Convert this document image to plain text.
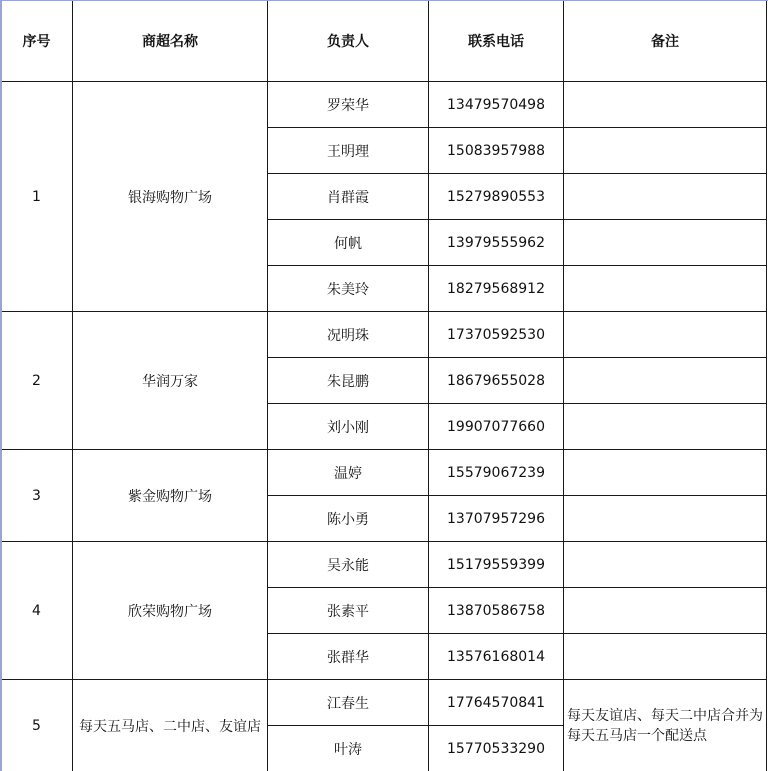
序号	商超名称	负责人	联系电话	备注
1	银海购物广场	罗荣华	13479570498	
		王明理	15083957988	
		肖群霞	15279890553	
		何帆	13979555962	
		朱美玲	18279568912	
2	华润万家	况明珠	17370592530	
		朱昆鹏	18679655028	
		刘小刚	19907077660	
3	紫金购物广场	温婷	15579067239	
		陈小勇	13707957296	
4	欣荣购物广场	吴永能	15179559399	
		张素平	13870586758	
		张群华	13576168014	
5	每天五马店、二中店、友谊店	江春生	17764570841	每天友谊店、每天二中店合并为每天五马店一个配送点
		叶涛	15770533290	
